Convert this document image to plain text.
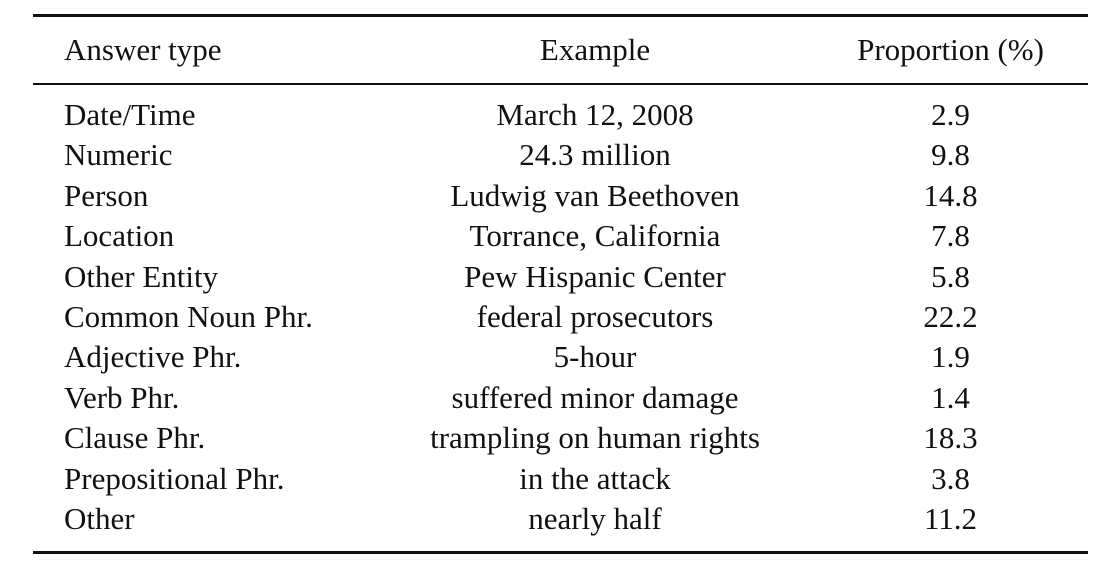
Answer type	Example	Proportion (%)
Date/Time	March 12, 2008	2.9
Numeric	24.3 million	9.8
Person	Ludwig van Beethoven	14.8
Location	Torrance, California	7.8
Other Entity	Pew Hispanic Center	5.8
Common Noun Phr.	federal prosecutors	22.2
Adjective Phr.	5-hour	1.9
Verb Phr.	suffered minor damage	1.4
Clause Phr.	trampling on human rights	18.3
Prepositional Phr.	in the attack	3.8
Other	nearly half	11.2
